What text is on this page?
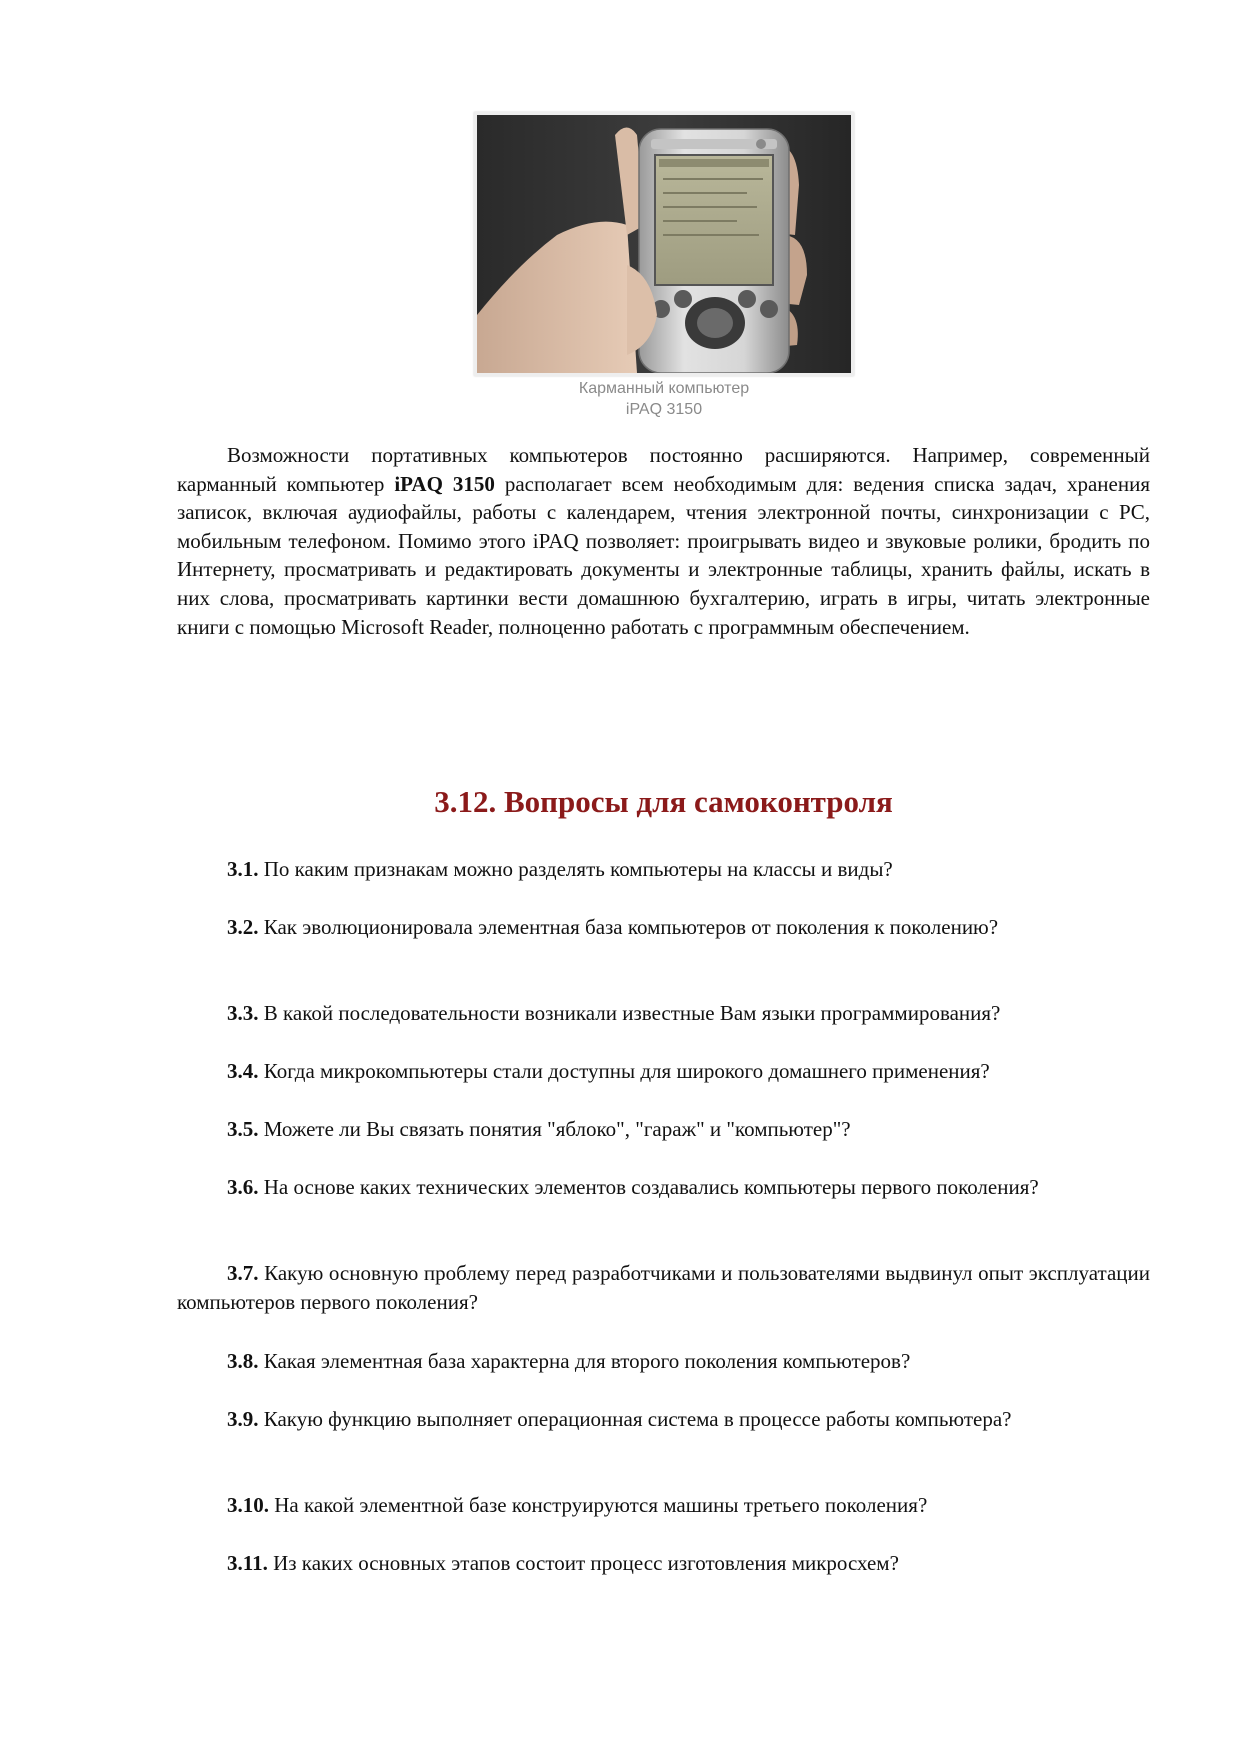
Карманный компьютер
iPAQ 3150

Возможности портативных компьютеров постоянно расширяются. Например, современный карманный компьютер iPAQ 3150 располагает всем необходимым для: ведения списка задач, хранения записок, включая аудиофайлы, работы с календарем, чтения электронной почты, синхронизации с PC, мобильным телефоном. Помимо этого iPAQ позволяет: проигрывать видео и звуковые ролики, бродить по Интернету, просматривать и редактировать документы и электронные таблицы, хранить файлы, искать в них слова, просматривать картинки вести домашнюю бухгалтерию, играть в игры, читать электронные книги с помощью Microsoft Reader, полноценно работать с программным обеспечением.

3.12. Вопросы для самоконтроля

3.1. По каким признакам можно разделять компьютеры на классы и виды?

3.2. Как эволюционировала элементная база компьютеров от поколения к поколению?

3.3. В какой последовательности возникали известные Вам языки программирования?

3.4. Когда микрокомпьютеры стали доступны для широкого домашнего применения?

3.5. Можете ли Вы связать понятия "яблоко", "гараж" и "компьютер"?

3.6. На основе каких технических элементов создавались компьютеры первого поколения?

3.7. Какую основную проблему перед разработчиками и пользователями выдвинул опыт эксплуатации компьютеров первого поколения?

3.8. Какая элементная база характерна для второго поколения компьютеров?

3.9. Какую функцию выполняет операционная система в процессе работы компьютера?

3.10. На какой элементной базе конструируются машины третьего поколения?

3.11. Из каких основных этапов состоит процесс изготовления микросхем?
